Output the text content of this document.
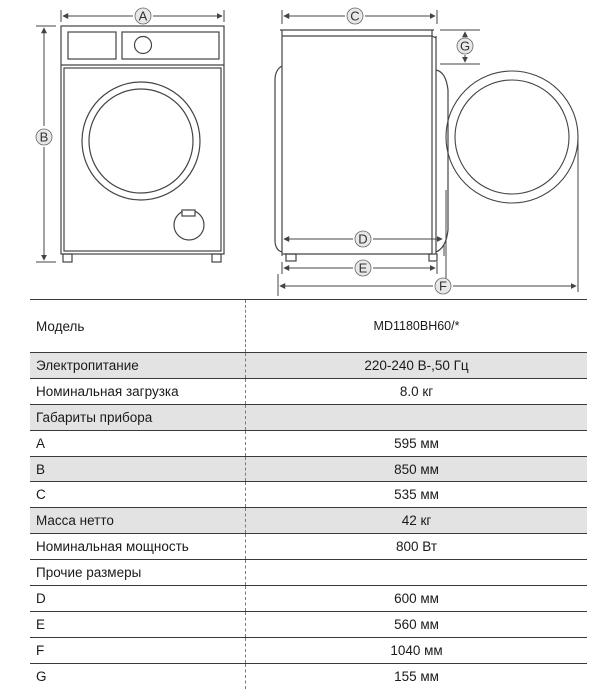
A
B
C
G
D
E
F
Модель	MD1180BH60/*
Электропитание	220-240 В-,50 Гц
Номинальная загрузка	8.0 кг
Габариты прибора	
A	595 мм
B	850 мм
C	535 мм
Масса нетто	42 кг
Номинальная мощность	800 Вт
Прочие размеры	
D	600 мм
E	560 мм
F	1040 мм
G	155 мм
